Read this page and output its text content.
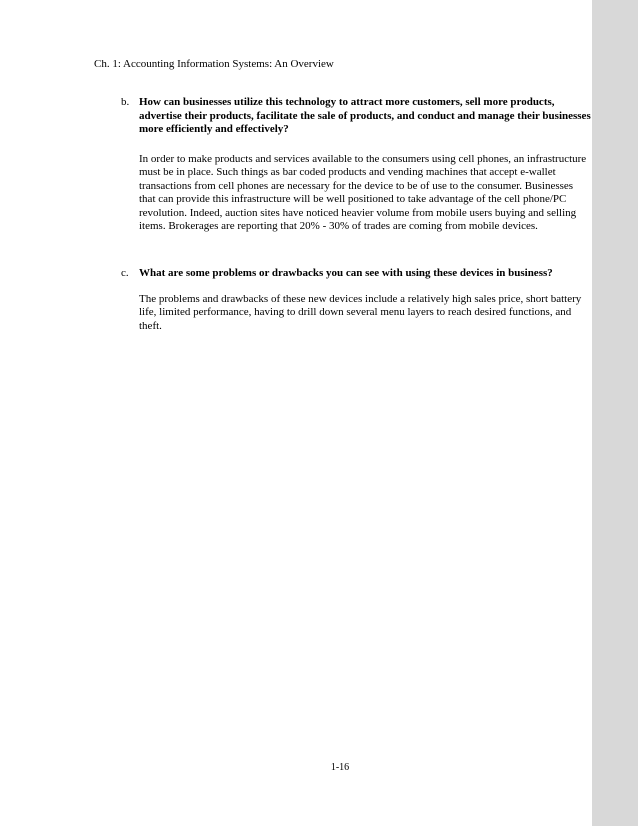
Ch. 1: Accounting Information Systems: An Overview
b. How can businesses utilize this technology to attract more customers, sell more products, advertise their products, facilitate the sale of products, and conduct and manage their businesses more efficiently and effectively?
In order to make products and services available to the consumers using cell phones, an infrastructure must be in place. Such things as bar coded products and vending machines that accept e-wallet transactions from cell phones are necessary for the device to be of use to the consumer. Businesses that can provide this infrastructure will be well positioned to take advantage of the cell phone/PC revolution. Indeed, auction sites have noticed heavier volume from mobile users buying and selling items. Brokerages are reporting that 20% - 30% of trades are coming from mobile devices.
c. What are some problems or drawbacks you can see with using these devices in business?
The problems and drawbacks of these new devices include a relatively high sales price, short battery life, limited performance, having to drill down several menu layers to reach desired functions, and theft.
1-16
